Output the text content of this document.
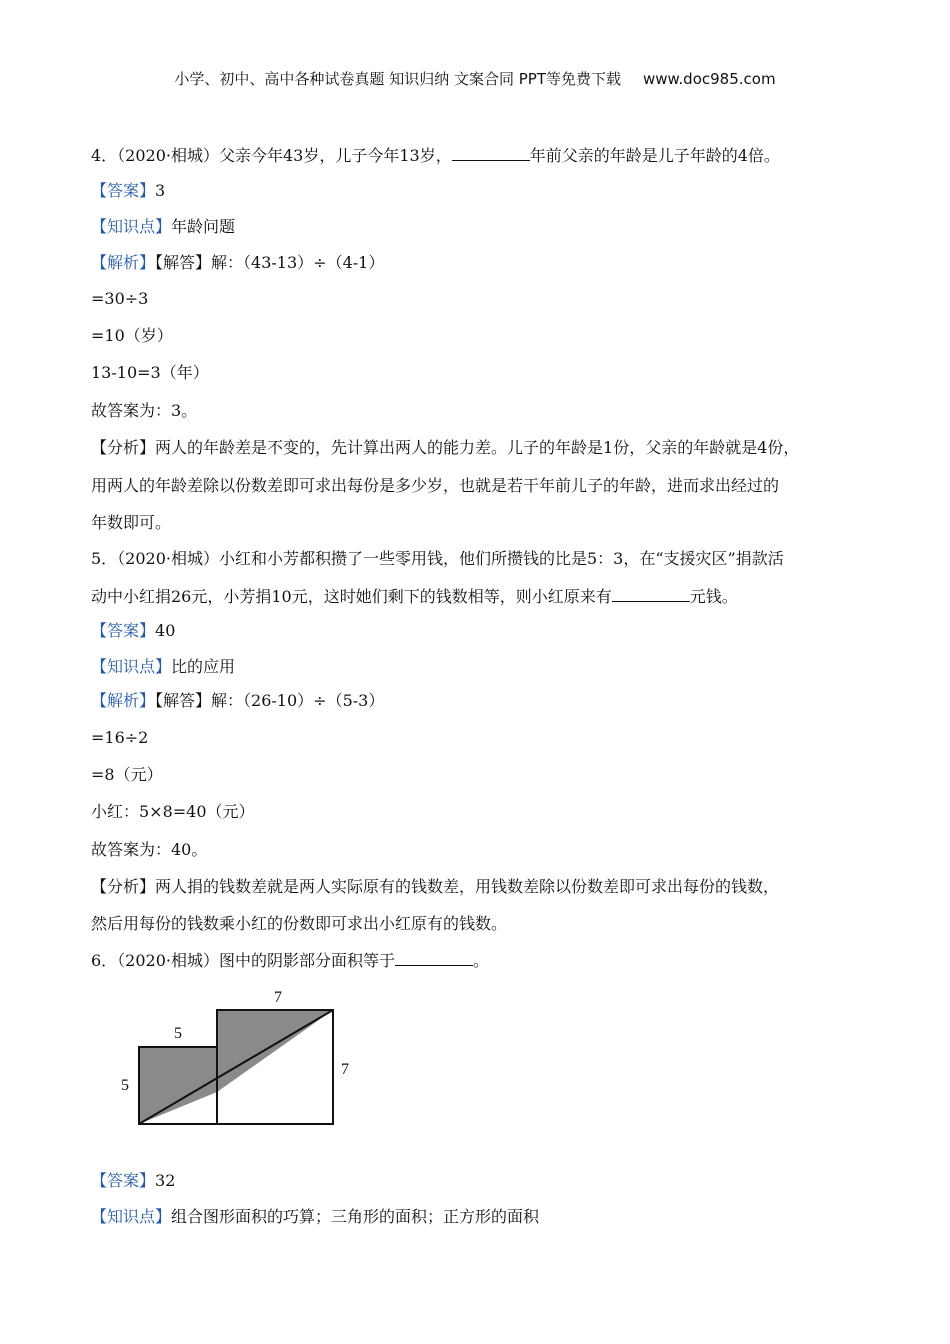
小学、初中、高中各种试卷真题 知识归纳 文案合同 PPT等免费下载 www.doc985.com
4．（2020·相城）父亲今年43岁，儿子今年13岁，	年前父亲的年龄是儿子年龄的4倍。
【答案】3
【知识点】年龄问题
【解析】【解答】解：（43-13）÷（4-1）
=30÷3
=10（岁）
13-10=3（年）
故答案为：3。
【分析】两人的年龄差是不变的，先计算出两人的能力差。儿子的年龄是1份，父亲的年龄就是4份，
用两人的年龄差除以份数差即可求出每份是多少岁，也就是若干年前儿子的年龄，进而求出经过的
年数即可。
5．（2020·相城）小红和小芳都积攒了一些零用钱，他们所攒钱的比是5：3，在“支援灾区”捐款活
动中小红捐26元，小芳捐10元，这时她们剩下的钱数相等，则小红原来有	元钱。
【答案】40
【知识点】比的应用
【解析】【解答】解：（26-10）÷（5-3）
=16÷2
=8（元）
小红：5×8=40（元）
故答案为：40。
【分析】两人捐的钱数差就是两人实际原有的钱数差，用钱数差除以份数差即可求出每份的钱数，
然后用每份的钱数乘小红的份数即可求出小红原有的钱数。
6．（2020·相城）图中的阴影部分面积等于	。
5
5
7
7
【答案】32
【知识点】组合图形面积的巧算；三角形的面积；正方形的面积
